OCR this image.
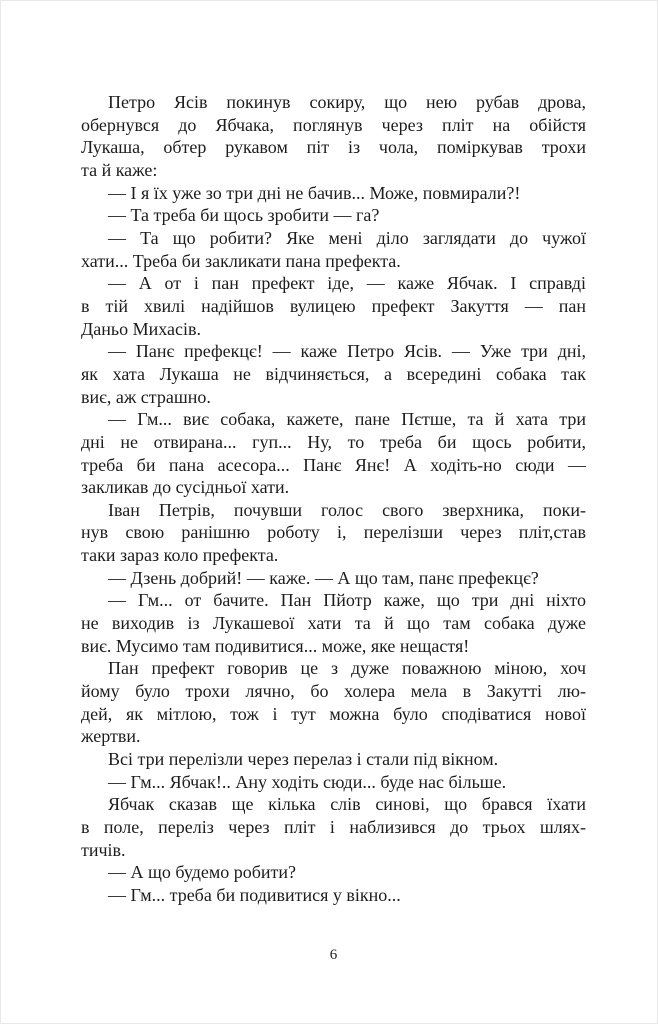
Петро Ясів покинув сокиру, що нею рубав дрова,
обернувся до Ябчака, поглянув через пліт на обійстя
Лукаша, обтер рукавом піт із чола, поміркував трохи
та й каже:
— І я їх уже зо три дні не бачив... Може, повмирали?!
— Та треба би щось зробити — га?
— Та що робити? Яке мені діло заглядати до чужої
хати... Треба би закликати пана префекта.
— А от і пан префект іде, — каже Ябчак. І справді
в тій хвилі надійшов вулицею префект Закуття — пан
Даньо Михасів.
— Панє префекцє! — каже Петро Ясів. — Уже три дні,
як хата Лукаша не відчиняється, а всередині собака так
виє, аж страшно.
— Гм... виє собака, кажете, пане Пєтше, та й хата три
дні не отвирана... гуп... Ну, то треба би щось робити,
треба би пана асесора... Панє Янє! А ходіть-но сюди —
закликав до сусідньої хати.
Іван Петрів, почувши голос свого зверхника, поки-
нув свою ранішню роботу і, перелізши через пліт,став
таки зараз коло префекта.
— Дзень добрий! — каже. — А що там, панє префекцє?
— Гм... от бачите. Пан Пйотр каже, що три дні ніхто
не виходив із Лукашевої хати та й що там собака дуже
виє. Мусимо там подивитися... може, яке нещастя!
Пан префект говорив це з дуже поважною міною, хоч
йому було трохи лячно, бо холера мела в Закутті лю-
дей, як мітлою, тож і тут можна було сподіватися нової
жертви.
Всі три перелізли через перелаз і стали під вікном.
— Гм... Ябчак!.. Ану ходіть сюди... буде нас більше.
Ябчак сказав ще кілька слів синові, що брався їхати
в поле, переліз через пліт і наблизився до трьох шлях-
тичів.
— А що будемо робити?
— Гм... треба би подивитися у вікно...
6
